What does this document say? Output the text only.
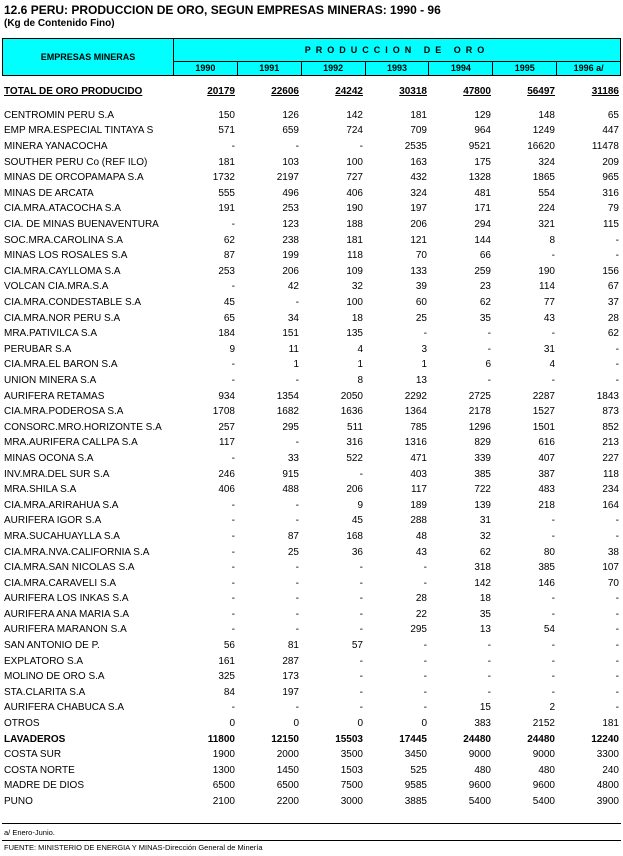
12.6 PERU: PRODUCCION DE ORO, SEGUN EMPRESAS MINERAS: 1990 - 96
(Kg de Contenido Fino)
EMPRESAS MINERAS
PRODUCCION DE ORO
1990	1991	1992	1993	1994	1995	1996 a/
TOTAL DE ORO PRODUCIDO	20179	22606	24242	30318	47800	56497	31186
CENTROMIN PERU S.A	150	126	142	181	129	148	65
EMP MRA.ESPECIAL TINTAYA S	571	659	724	709	964	1249	447
MINERA YANACOCHA	-	-	-	2535	9521	16620	11478
SOUTHER PERU Co (REF ILO)	181	103	100	163	175	324	209
MINAS DE ORCOPAMAPA S.A	1732	2197	727	432	1328	1865	965
MINAS DE ARCATA	555	496	406	324	481	554	316
CIA.MRA.ATACOCHA S.A	191	253	190	197	171	224	79
CIA. DE MINAS BUENAVENTURA	-	123	188	206	294	321	115
SOC.MRA.CAROLINA S.A	62	238	181	121	144	8	-
MINAS LOS ROSALES S.A	87	199	118	70	66	-	-
CIA.MRA.CAYLLOMA S.A	253	206	109	133	259	190	156
VOLCAN CIA.MRA.S.A	-	42	32	39	23	114	67
CIA.MRA.CONDESTABLE S.A	45	-	100	60	62	77	37
CIA.MRA.NOR PERU S.A	65	34	18	25	35	43	28
MRA.PATIVILCA S.A	184	151	135	-	-	-	62
PERUBAR S.A	9	11	4	3	-	31	-
CIA.MRA.EL BARON S.A	-	1	1	1	6	4	-
UNION MINERA S.A	-	-	8	13	-	-	-
AURIFERA RETAMAS	934	1354	2050	2292	2725	2287	1843
CIA.MRA.PODEROSA S.A	1708	1682	1636	1364	2178	1527	873
CONSORC.MRO.HORIZONTE S.A	257	295	511	785	1296	1501	852
MRA.AURIFERA CALLPA S.A	117	-	316	1316	829	616	213
MINAS OCONA S.A	-	33	522	471	339	407	227
INV.MRA.DEL SUR S.A	246	915	-	403	385	387	118
MRA.SHILA S.A	406	488	206	117	722	483	234
CIA.MRA.ARIRAHUA S.A	-	-	9	189	139	218	164
AURIFERA IGOR S.A	-	-	45	288	31	-	-
MRA.SUCAHUAYLLA S.A	-	87	168	48	32	-	-
CIA.MRA.NVA.CALIFORNIA S.A	-	25	36	43	62	80	38
CIA.MRA.SAN NICOLAS S.A	-	-	-	-	318	385	107
CIA.MRA.CARAVELI S.A	-	-	-	-	142	146	70
AURIFERA LOS INKAS S.A	-	-	-	28	18	-	-
AURIFERA ANA MARIA S.A	-	-	-	22	35	-	-
AURIFERA MARANON S.A	-	-	-	295	13	54	-
SAN ANTONIO DE P.	56	81	57	-	-	-	-
EXPLATORO S.A	161	287	-	-	-	-	-
MOLINO DE ORO S.A	325	173	-	-	-	-	-
STA.CLARITA S.A	84	197	-	-	-	-	-
AURIFERA CHABUCA S.A	-	-	-	-	15	2	-
OTROS	0	0	0	0	383	2152	181
LAVADEROS	11800	12150	15503	17445	24480	24480	12240
COSTA SUR	1900	2000	3500	3450	9000	9000	3300
COSTA NORTE	1300	1450	1503	525	480	480	240
MADRE DE DIOS	6500	6500	7500	9585	9600	9600	4800
PUNO	2100	2200	3000	3885	5400	5400	3900
a/ Enero-Junio.
FUENTE: MINISTERIO DE ENERGIA Y MINAS-Dirección General de Minería
